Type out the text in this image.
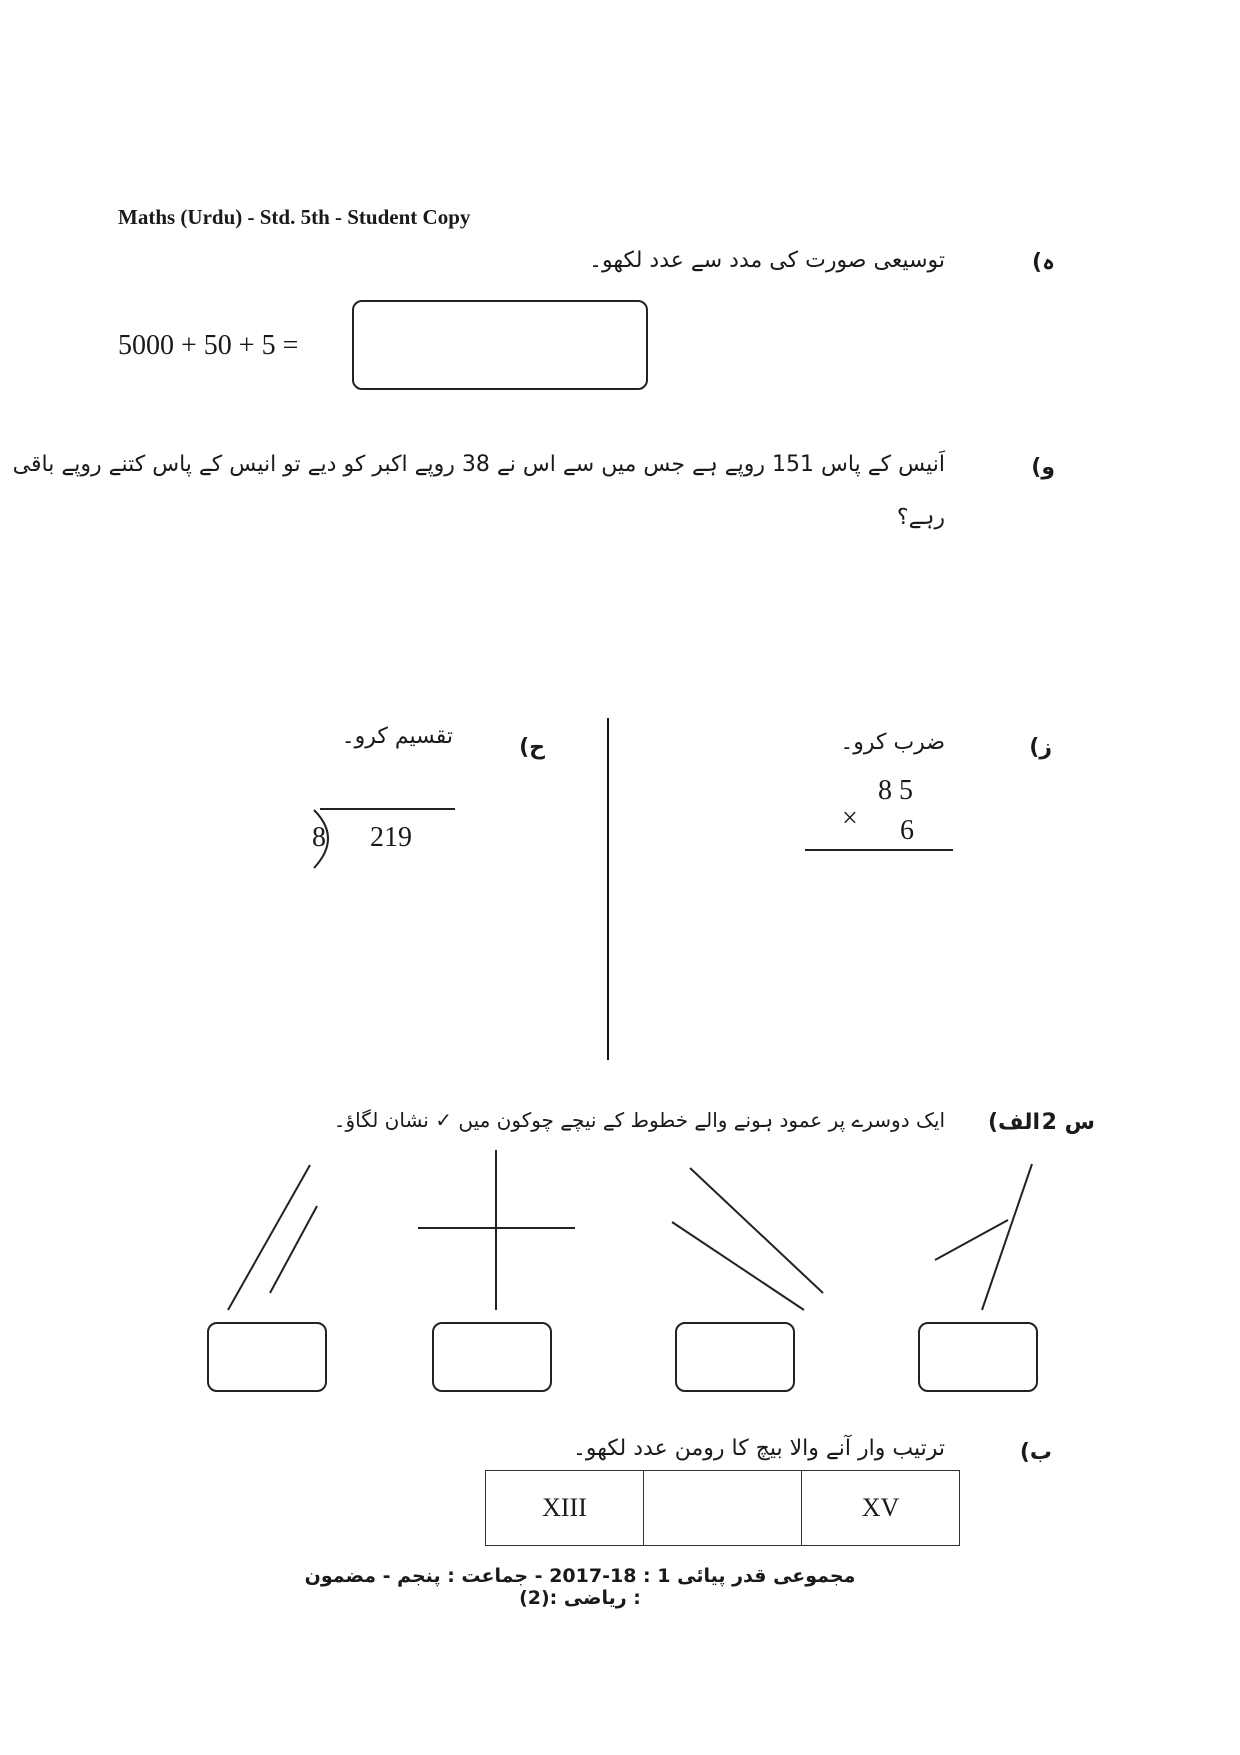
Maths (Urdu) - Std. 5th - Student Copy
ہ)
توسیعی صورت کی مدد سے عدد لکھو۔
5000 + 50 + 5 =
و)
اَنیس کے پاس 151 روپے ہے جس میں سے اس نے 38 روپے اکبر کو دیے تو انیس کے پاس کتنے روپے باقی
رہے؟
ز)
ضرب کرو۔
8 5
× 6
ح)
تقسیم کرو۔
8 219
س 2
الف)
ایک دوسرے پر عمود ہونے والے خطوط کے نیچے چوکون میں ✓ نشان لگاؤ۔
ب)
ترتیب وار آنے والا بیچ کا رومن عدد لکھو۔
XIII		XV
مجموعی قدر پیائی 1 : 18-2017 - جماعت : پنجم - مضمون : ریاضی :(2)
